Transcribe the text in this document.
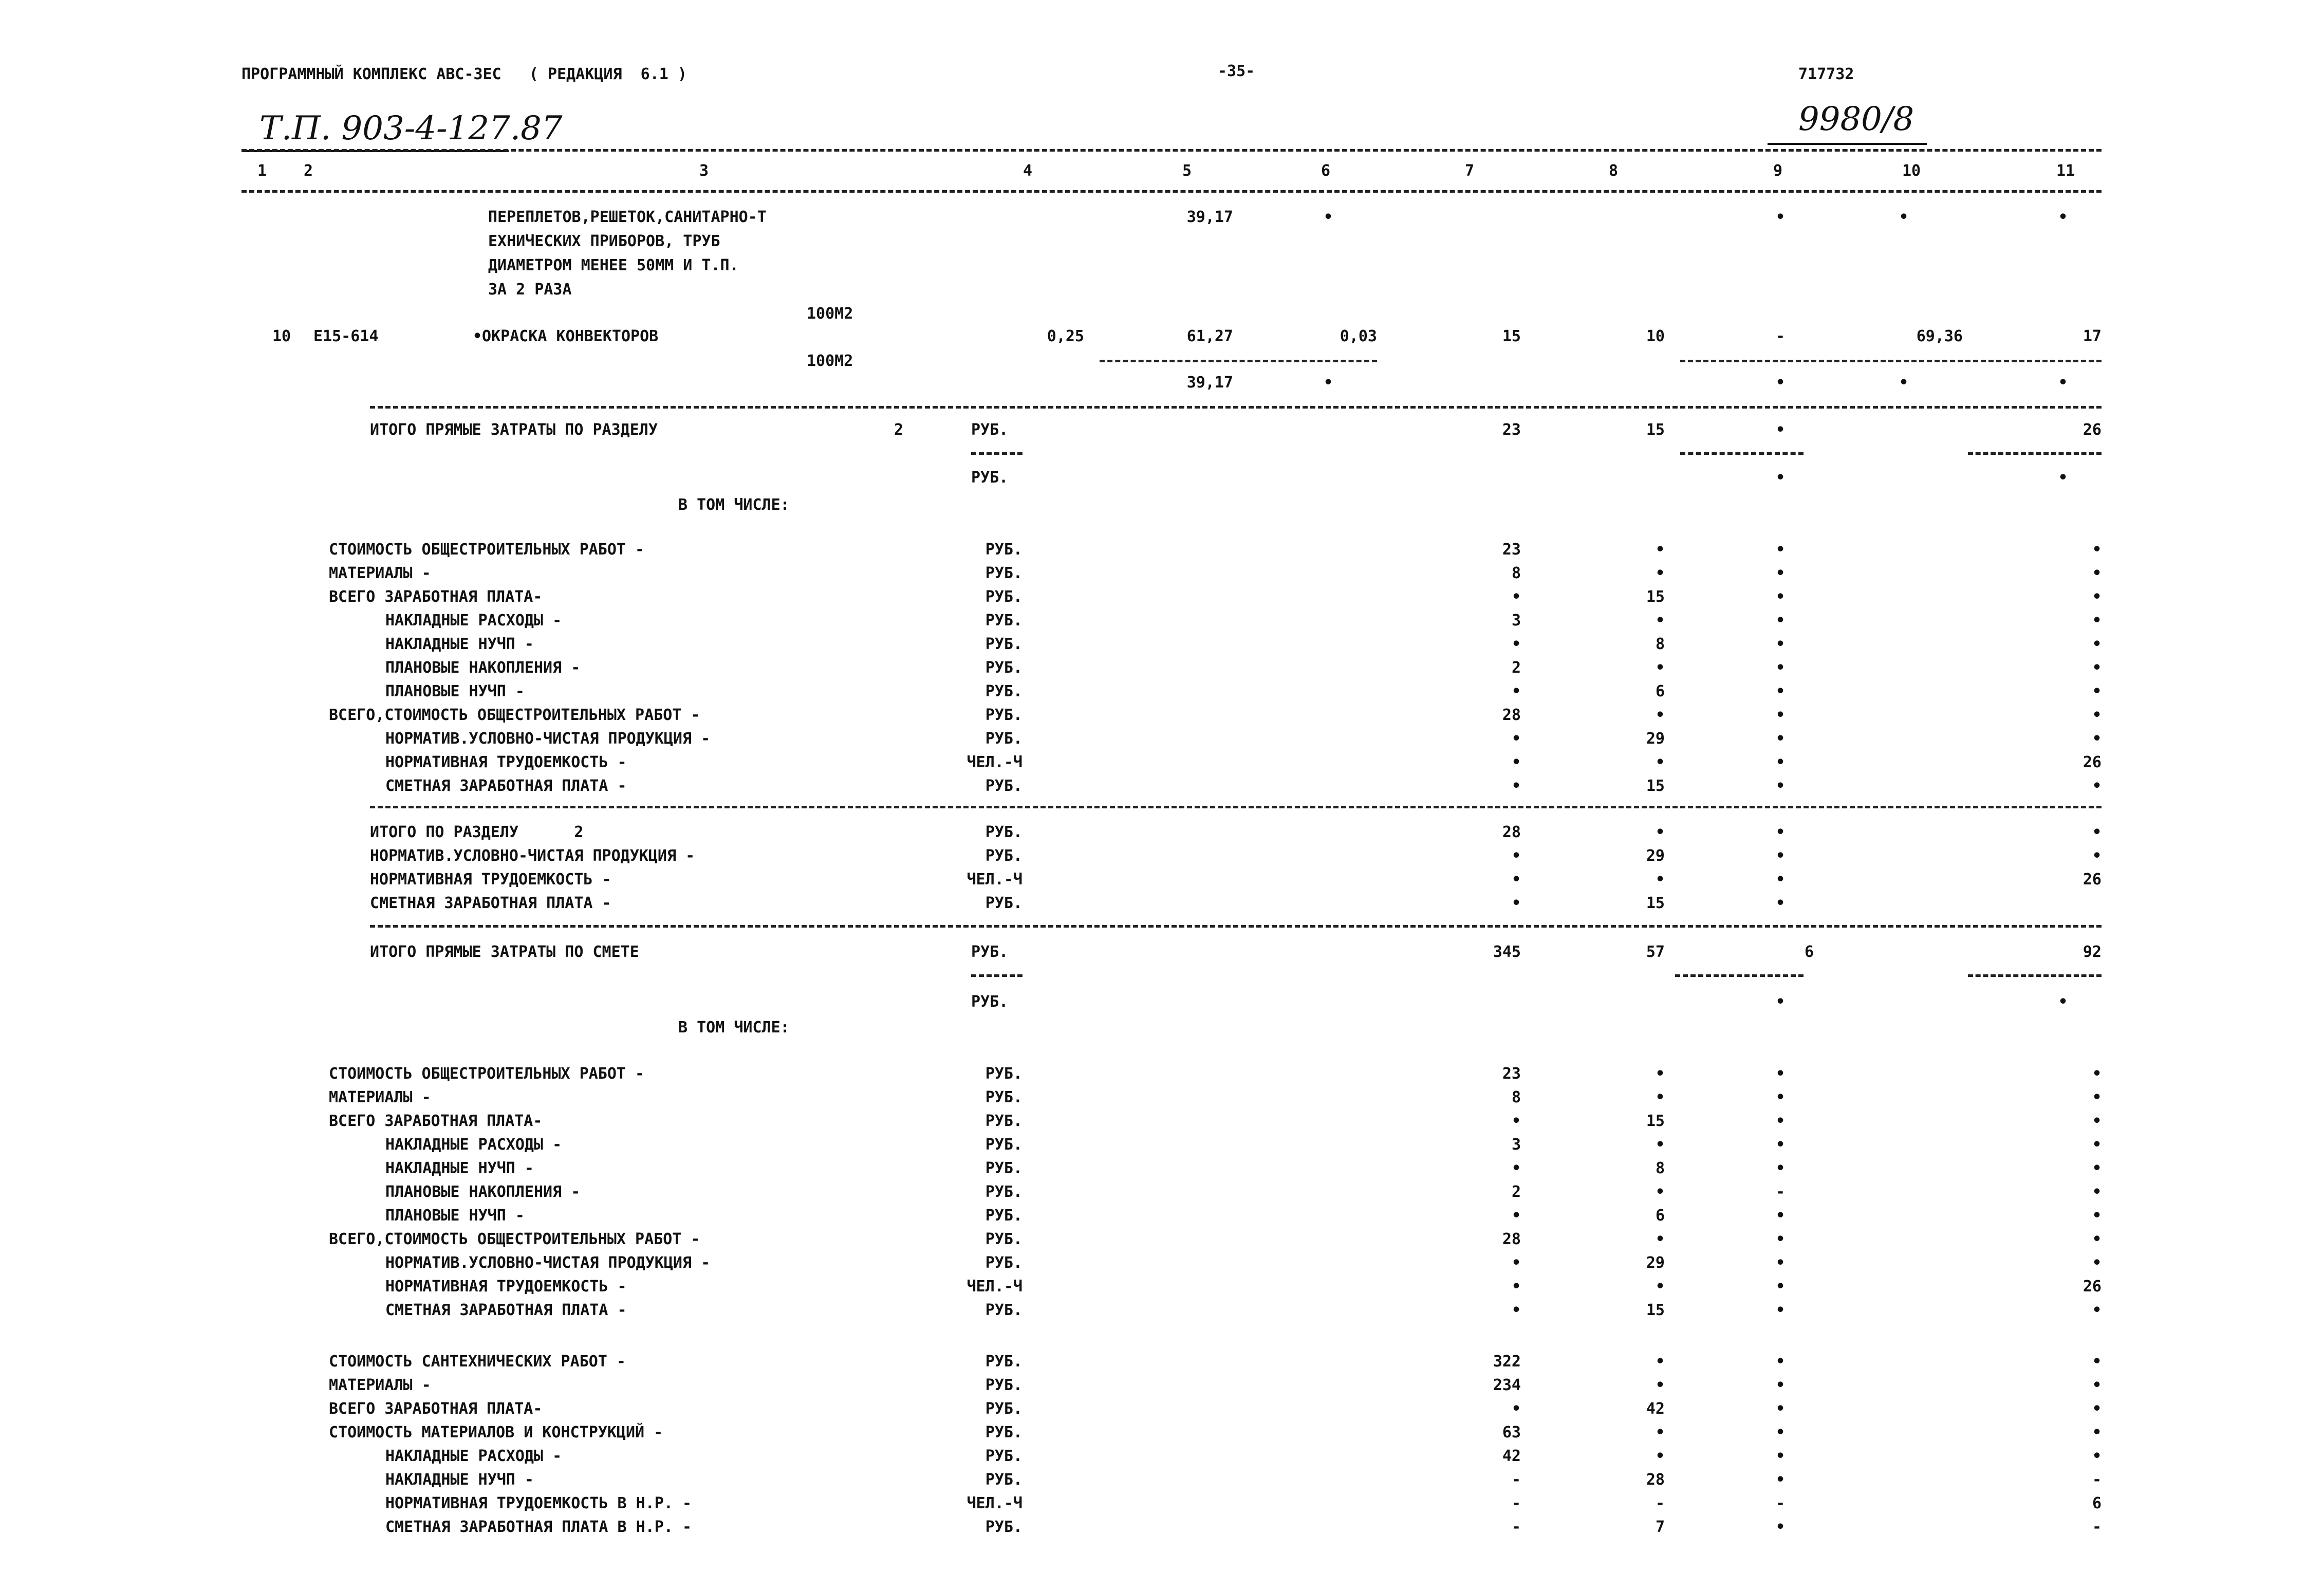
ПРОГРАММНЫЙ КОМПЛЕКС АВС-3ЕС   ( РЕДАКЦИЯ  6.1 )	-35-	717732
Т.П. 903-4-127.87	9980/8
1	2	3	4	5	6	7	8	9	10	11
ПЕРЕПЛЕТОВ,РЕШЕТОК,САНИТАРНО-Т
ЕХНИЧЕСКИХ ПРИБОРОВ, ТРУБ
ДИАМЕТРОМ МЕНЕЕ 50ММ И Т.П.
ЗА 2 РАЗА
39,17	•	•	•	•
100М2
10 Е15-614	•ОКРАСКА КОНВЕКТОРОВ	0,25	61,27	0,03	15	10	-	69,36	17
100М2
39,17	•	•	•	•
ИТОГО ПРЯМЫЕ ЗАТРАТЫ ПО РАЗДЕЛУ	2	РУБ.	23	15	•	26
РУБ.	•	•
В ТОМ ЧИСЛЕ:
СТОИМОСТЬ ОБЩЕСТРОИТЕЛЬНЫХ РАБОТ -	РУБ.	23	•	•	•
МАТЕРИАЛЫ -	РУБ.	8	•	•	•
ВСЕГО ЗАРАБОТНАЯ ПЛАТА-	РУБ.	•	15	•	•
НАКЛАДНЫЕ РАСХОДЫ -	РУБ.	3	•	•	•
НАКЛАДНЫЕ НУЧП -	РУБ.	•	8	•	•
ПЛАНОВЫЕ НАКОПЛЕНИЯ -	РУБ.	2	•	•	•
ПЛАНОВЫЕ НУЧП -	РУБ.	•	6	•	•
ВСЕГО,СТОИМОСТЬ ОБЩЕСТРОИТЕЛЬНЫХ РАБОТ -	РУБ.	28	•	•	•
НОРМАТИВ.УСЛОВНО-ЧИСТАЯ ПРОДУКЦИЯ -	РУБ.	•	29	•	•
НОРМАТИВНАЯ ТРУДОЕМКОСТЬ -	ЧЕЛ.-Ч	•	•	•	26
СМЕТНАЯ ЗАРАБОТНАЯ ПЛАТА -	РУБ.	•	15	•	•
ИТОГО ПО РАЗДЕЛУ      2	РУБ.	28	•	•	•
НОРМАТИВ.УСЛОВНО-ЧИСТАЯ ПРОДУКЦИЯ -	РУБ.	•	29	•	•
НОРМАТИВНАЯ ТРУДОЕМКОСТЬ -	ЧЕЛ.-Ч	•	•	•	26
СМЕТНАЯ ЗАРАБОТНАЯ ПЛАТА -	РУБ.	•	15	•
ИТОГО ПРЯМЫЕ ЗАТРАТЫ ПО СМЕТЕ	РУБ.	345	57	6	92
РУБ.	•	•
В ТОМ ЧИСЛЕ:
СТОИМОСТЬ ОБЩЕСТРОИТЕЛЬНЫХ РАБОТ -	РУБ.	23	•	•	•
МАТЕРИАЛЫ -	РУБ.	8	•	•	•
ВСЕГО ЗАРАБОТНАЯ ПЛАТА-	РУБ.	•	15	•	•
НАКЛАДНЫЕ РАСХОДЫ -	РУБ.	3	•	•	•
НАКЛАДНЫЕ НУЧП -	РУБ.	•	8	•	•
ПЛАНОВЫЕ НАКОПЛЕНИЯ -	РУБ.	2	•	-	•
ПЛАНОВЫЕ НУЧП -	РУБ.	•	6	•	•
ВСЕГО,СТОИМОСТЬ ОБЩЕСТРОИТЕЛЬНЫХ РАБОТ -	РУБ.	28	•	•	•
НОРМАТИВ.УСЛОВНО-ЧИСТАЯ ПРОДУКЦИЯ -	РУБ.	•	29	•	•
НОРМАТИВНАЯ ТРУДОЕМКОСТЬ -	ЧЕЛ.-Ч	•	•	•	26
СМЕТНАЯ ЗАРАБОТНАЯ ПЛАТА -	РУБ.	•	15	•	•
СТОИМОСТЬ САНТЕХНИЧЕСКИХ РАБОТ -	РУБ.	322	•	•	•
МАТЕРИАЛЫ -	РУБ.	234	•	•	•
ВСЕГО ЗАРАБОТНАЯ ПЛАТА-	РУБ.	•	42	•	•
СТОИМОСТЬ МАТЕРИАЛОВ И КОНСТРУКЦИЙ -	РУБ.	63	•	•	•
НАКЛАДНЫЕ РАСХОДЫ -	РУБ.	42	•	•	•
НАКЛАДНЫЕ НУЧП -	РУБ.	-	28	•	-
НОРМАТИВНАЯ ТРУДОЕМКОСТЬ В Н.Р. -	ЧЕЛ.-Ч	-	-	-	6
СМЕТНАЯ ЗАРАБОТНАЯ ПЛАТА В Н.Р. -	РУБ.	-	7	•	-
